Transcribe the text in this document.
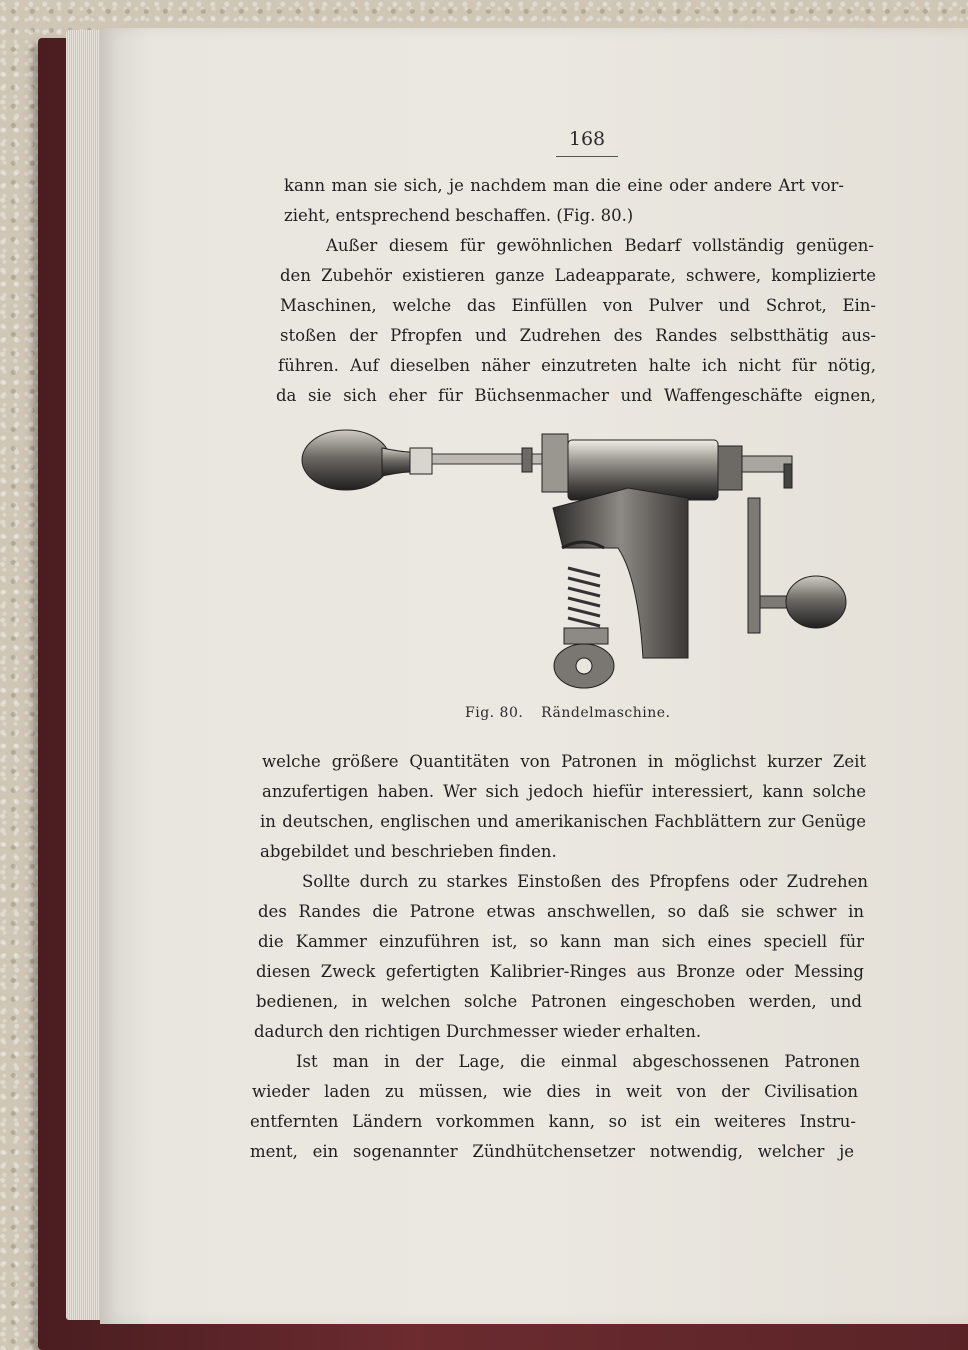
168
kann man sie sich, je nachdem man die eine oder andere Art vor-
zieht, entsprechend beschaffen. (Fig. 80.)
Außer diesem für gewöhnlichen Bedarf vollständig genügen-
den Zubehör existieren ganze Ladeapparate, schwere, komplizierte
Maschinen, welche das Einfüllen von Pulver und Schrot, Ein-
stoßen der Pfropfen und Zudrehen des Randes selbstthätig aus-
führen. Auf dieselben näher einzutreten halte ich nicht für nötig,
da sie sich eher für Büchsenmacher und Waffengeschäfte eignen,
Fig. 80. Rändelmaschine.
welche größere Quantitäten von Patronen in möglichst kurzer Zeit
anzufertigen haben. Wer sich jedoch hiefür interessiert, kann solche
in deutschen, englischen und amerikanischen Fachblättern zur Genüge
abgebildet und beschrieben finden.
Sollte durch zu starkes Einstoßen des Pfropfens oder Zudrehen
des Randes die Patrone etwas anschwellen, so daß sie schwer in
die Kammer einzuführen ist, so kann man sich eines speciell für
diesen Zweck gefertigten Kalibrier-Ringes aus Bronze oder Messing
bedienen, in welchen solche Patronen eingeschoben werden, und
dadurch den richtigen Durchmesser wieder erhalten.
Ist man in der Lage, die einmal abgeschossenen Patronen
wieder laden zu müssen, wie dies in weit von der Civilisation
entfernten Ländern vorkommen kann, so ist ein weiteres Instru-
ment, ein sogenannter Zündhütchensetzer notwendig, welcher je
